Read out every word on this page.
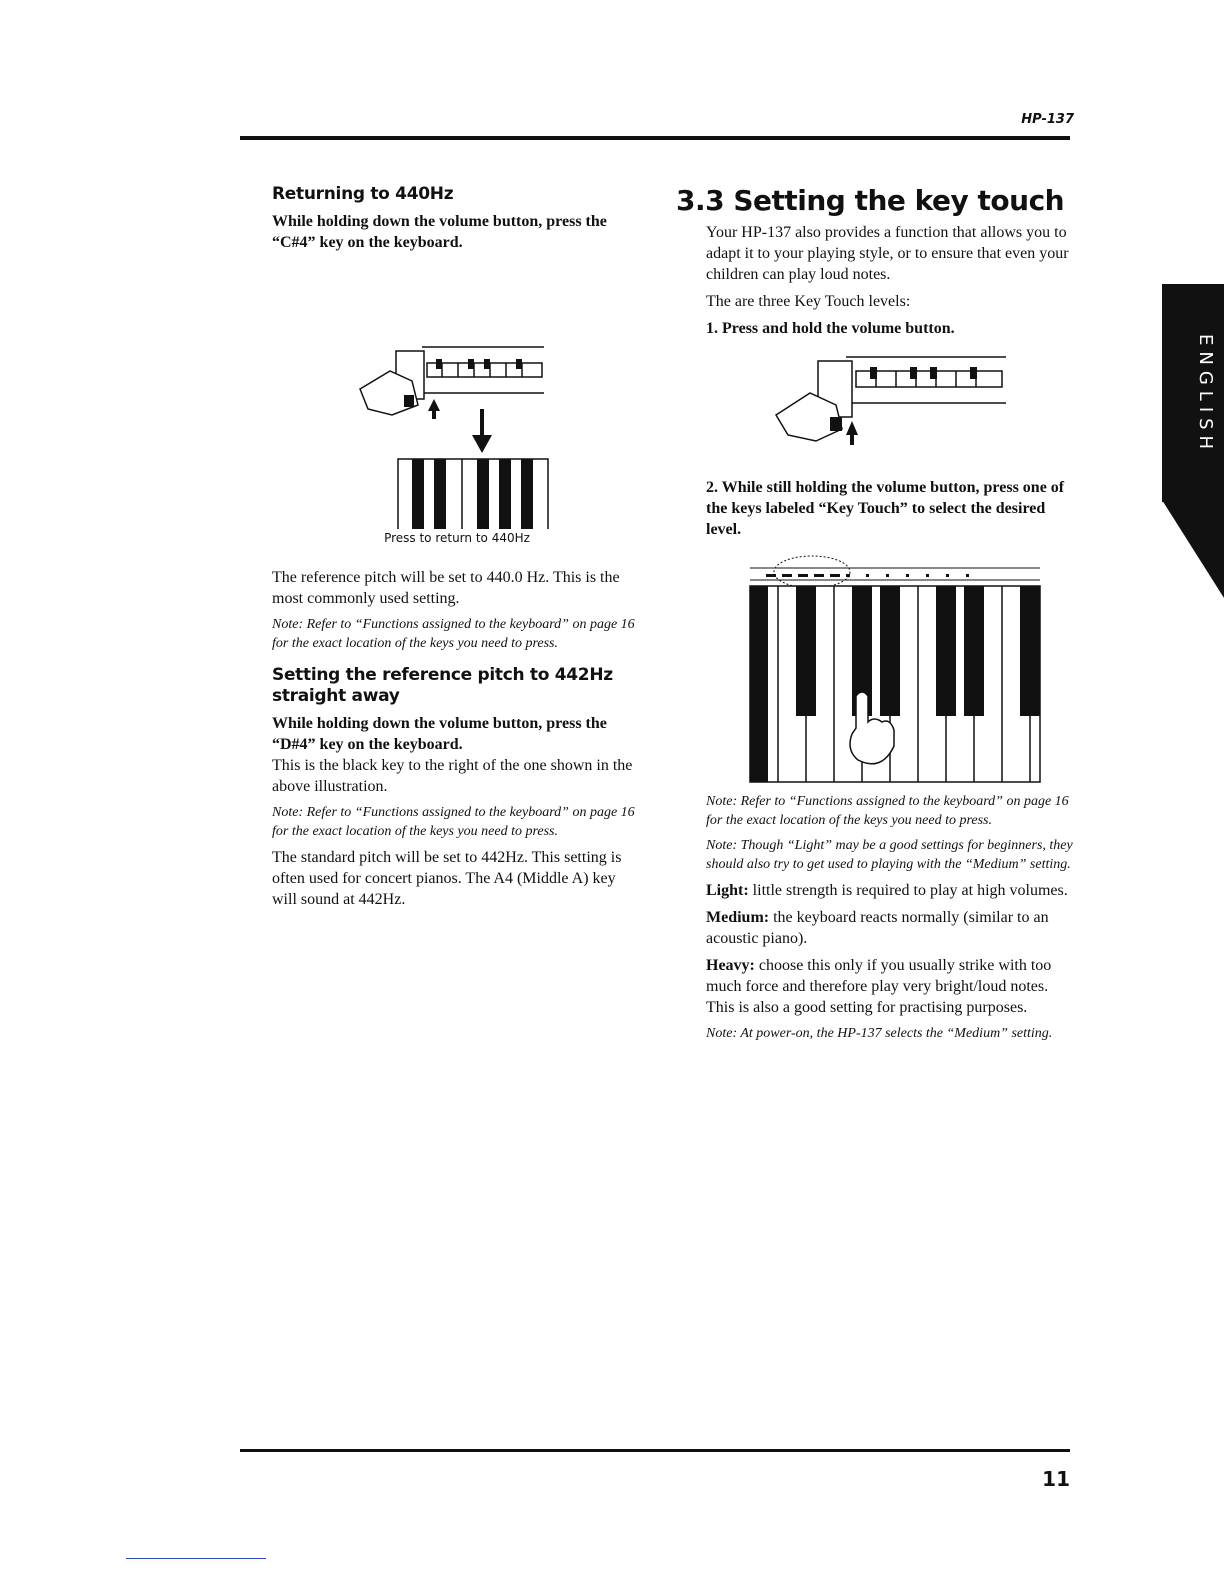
HP-137
11
ENGLISH
Returning to 440Hz

While holding down the volume button, press the “C#4” key on the keyboard.

Press to return to 440Hz

The reference pitch will be set to 440.0 Hz. This is the most commonly used setting.

Note: Refer to “Functions assigned to the keyboard” on page 16 for the exact location of the keys you need to press.

Setting the reference pitch to 442Hz straight away

While holding down the volume button, press the “D#4” key on the keyboard.

This is the black key to the right of the one shown in the above illustration.

Note: Refer to “Functions assigned to the keyboard” on page 16 for the exact location of the keys you need to press.

The standard pitch will be set to 442Hz. This setting is often used for concert pianos. The A4 (Middle A) key will sound at 442Hz.

3.3 Setting the key touch

Your HP-137 also provides a function that allows you to adapt it to your playing style, or to ensure that even your children can play loud notes.

The are three Key Touch levels:

1. Press and hold the volume button.

2. While still holding the volume button, press one of the keys labeled “Key Touch” to select the desired level.

Note: Refer to “Functions assigned to the keyboard” on page 16 for the exact location of the keys you need to press.

Note: Though “Light” may be a good settings for beginners, they should also try to get used to playing with the “Medium” setting.

Light: little strength is required to play at high volumes.

Medium: the keyboard reacts normally (similar to an acoustic piano).

Heavy: choose this only if you usually strike with too much force and therefore play very bright/loud notes. This is also a good setting for practising purposes.

Note: At power-on, the HP-137 selects the “Medium” setting.
